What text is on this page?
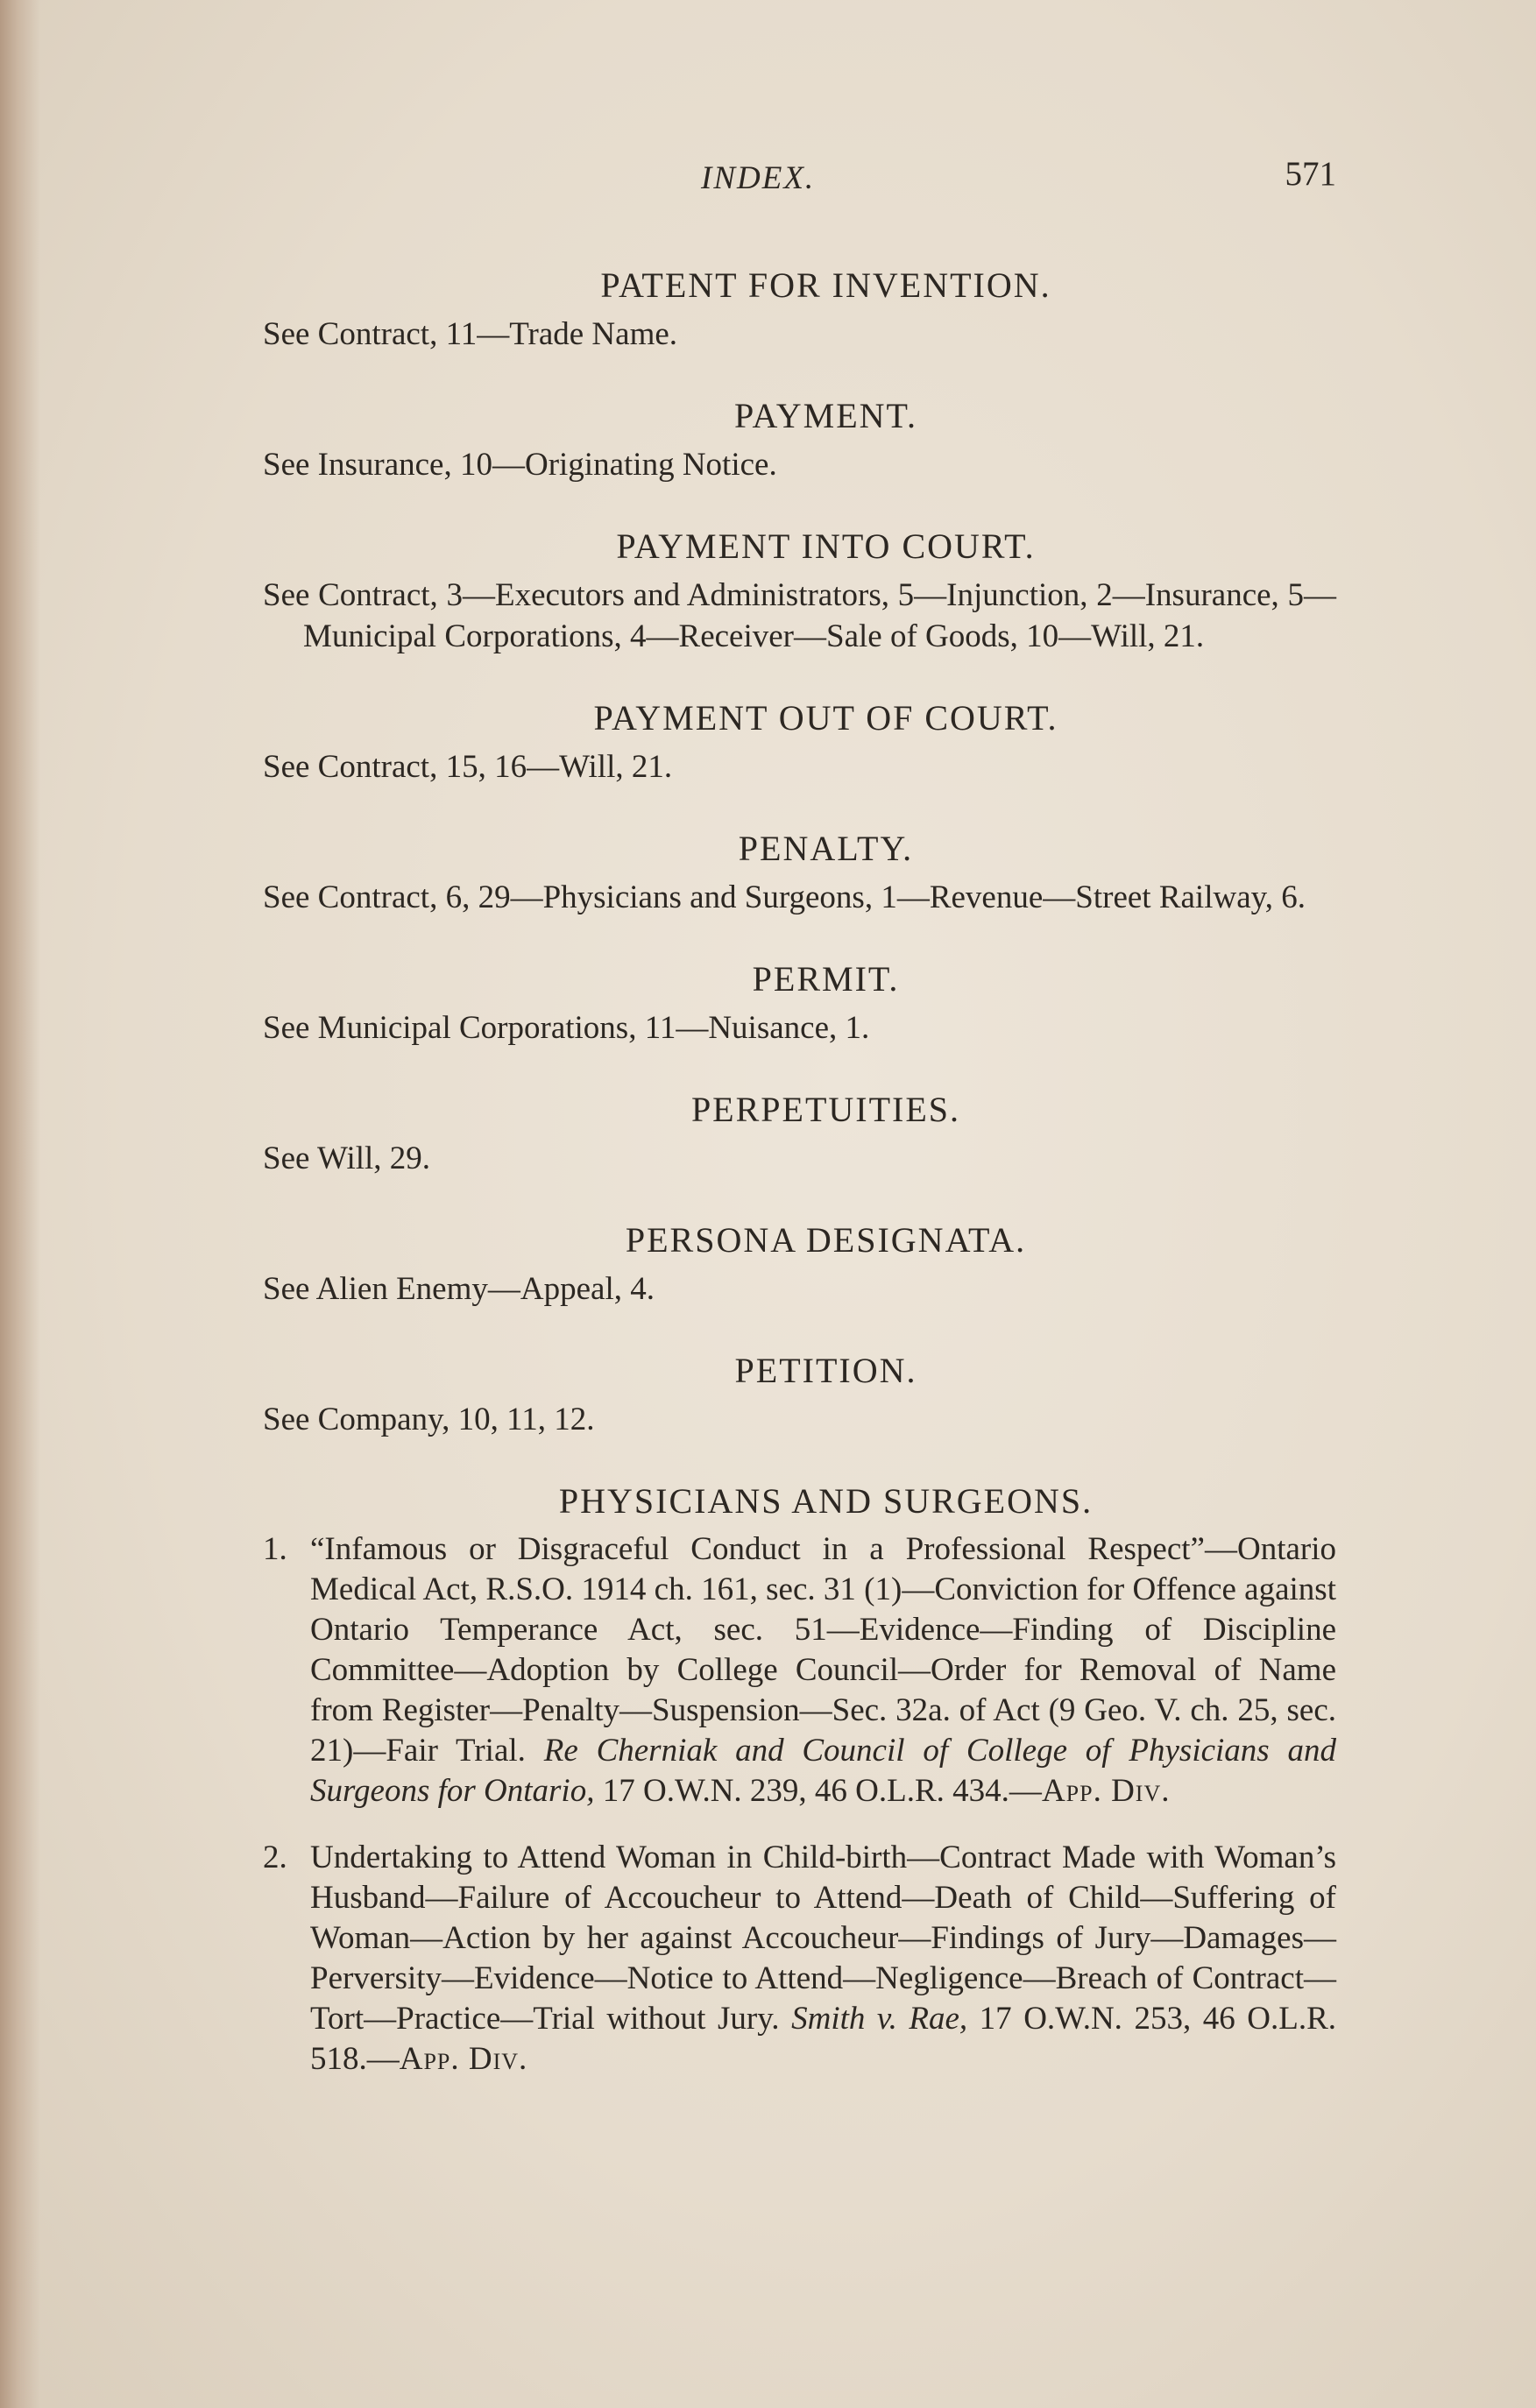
INDEX.	571
PATENT FOR INVENTION.
See Contract, 11—Trade Name.
PAYMENT.
See Insurance, 10—Originating Notice.
PAYMENT INTO COURT.
See Contract, 3—Executors and Administrators, 5—Injunction, 2—Insurance, 5—Municipal Corporations, 4—Receiver—Sale of Goods, 10—Will, 21.
PAYMENT OUT OF COURT.
See Contract, 15, 16—Will, 21.
PENALTY.
See Contract, 6, 29—Physicians and Surgeons, 1—Revenue—Street Railway, 6.
PERMIT.
See Municipal Corporations, 11—Nuisance, 1.
PERPETUITIES.
See Will, 29.
PERSONA DESIGNATA.
See Alien Enemy—Appeal, 4.
PETITION.
See Company, 10, 11, 12.
PHYSICIANS AND SURGEONS.
1. “Infamous or Disgraceful Conduct in a Professional Respect”—Ontario Medical Act, R.S.O. 1914 ch. 161, sec. 31 (1)—Conviction for Offence against Ontario Temperance Act, sec. 51—Evidence—Finding of Discipline Committee—Adoption by College Council—Order for Removal of Name from Register—Penalty—Suspension—Sec. 32a. of Act (9 Geo. V. ch. 25, sec. 21)—Fair Trial. Re Cherniak and Council of College of Physicians and Surgeons for Ontario, 17 O.W.N. 239, 46 O.L.R. 434.—App. Div.
2. Undertaking to Attend Woman in Child-birth—Contract Made with Woman’s Husband—Failure of Accoucheur to Attend—Death of Child—Suffering of Woman—Action by her against Accoucheur—Findings of Jury—Damages—Perversity—Evidence—Notice to Attend—Negligence—Breach of Contract—Tort—Practice—Trial without Jury. Smith v. Rae, 17 O.W.N. 253, 46 O.L.R. 518.—App. Div.
